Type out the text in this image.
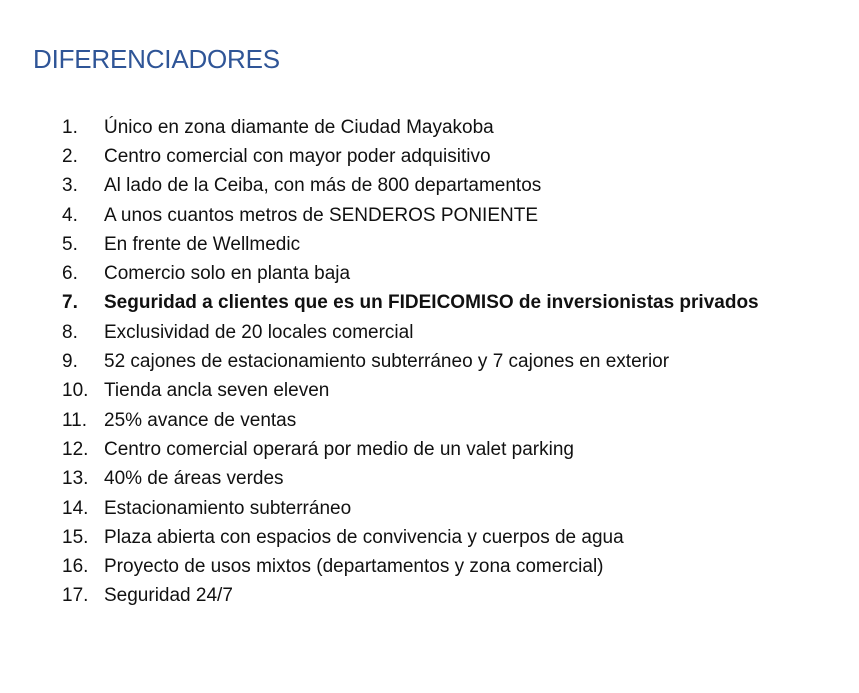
DIFERENCIADORES
1.	Único en zona diamante de Ciudad Mayakoba
2.	Centro comercial con mayor poder adquisitivo
3.	Al lado de la Ceiba, con más de 800 departamentos
4.	A unos cuantos metros de SENDEROS PONIENTE
5.	En frente de Wellmedic
6.	Comercio solo en planta baja
7.	Seguridad a clientes que es un FIDEICOMISO de inversionistas privados
8.	Exclusividad de 20 locales comercial
9.	52 cajones de estacionamiento subterráneo y 7 cajones en exterior
10. Tienda ancla seven eleven
11. 25% avance de ventas
12. Centro comercial operará por medio de un valet parking
13. 40% de áreas verdes
14. Estacionamiento subterráneo
15. Plaza abierta con espacios de convivencia y cuerpos de agua
16. Proyecto de usos mixtos (departamentos y zona comercial)
17. Seguridad 24/7
